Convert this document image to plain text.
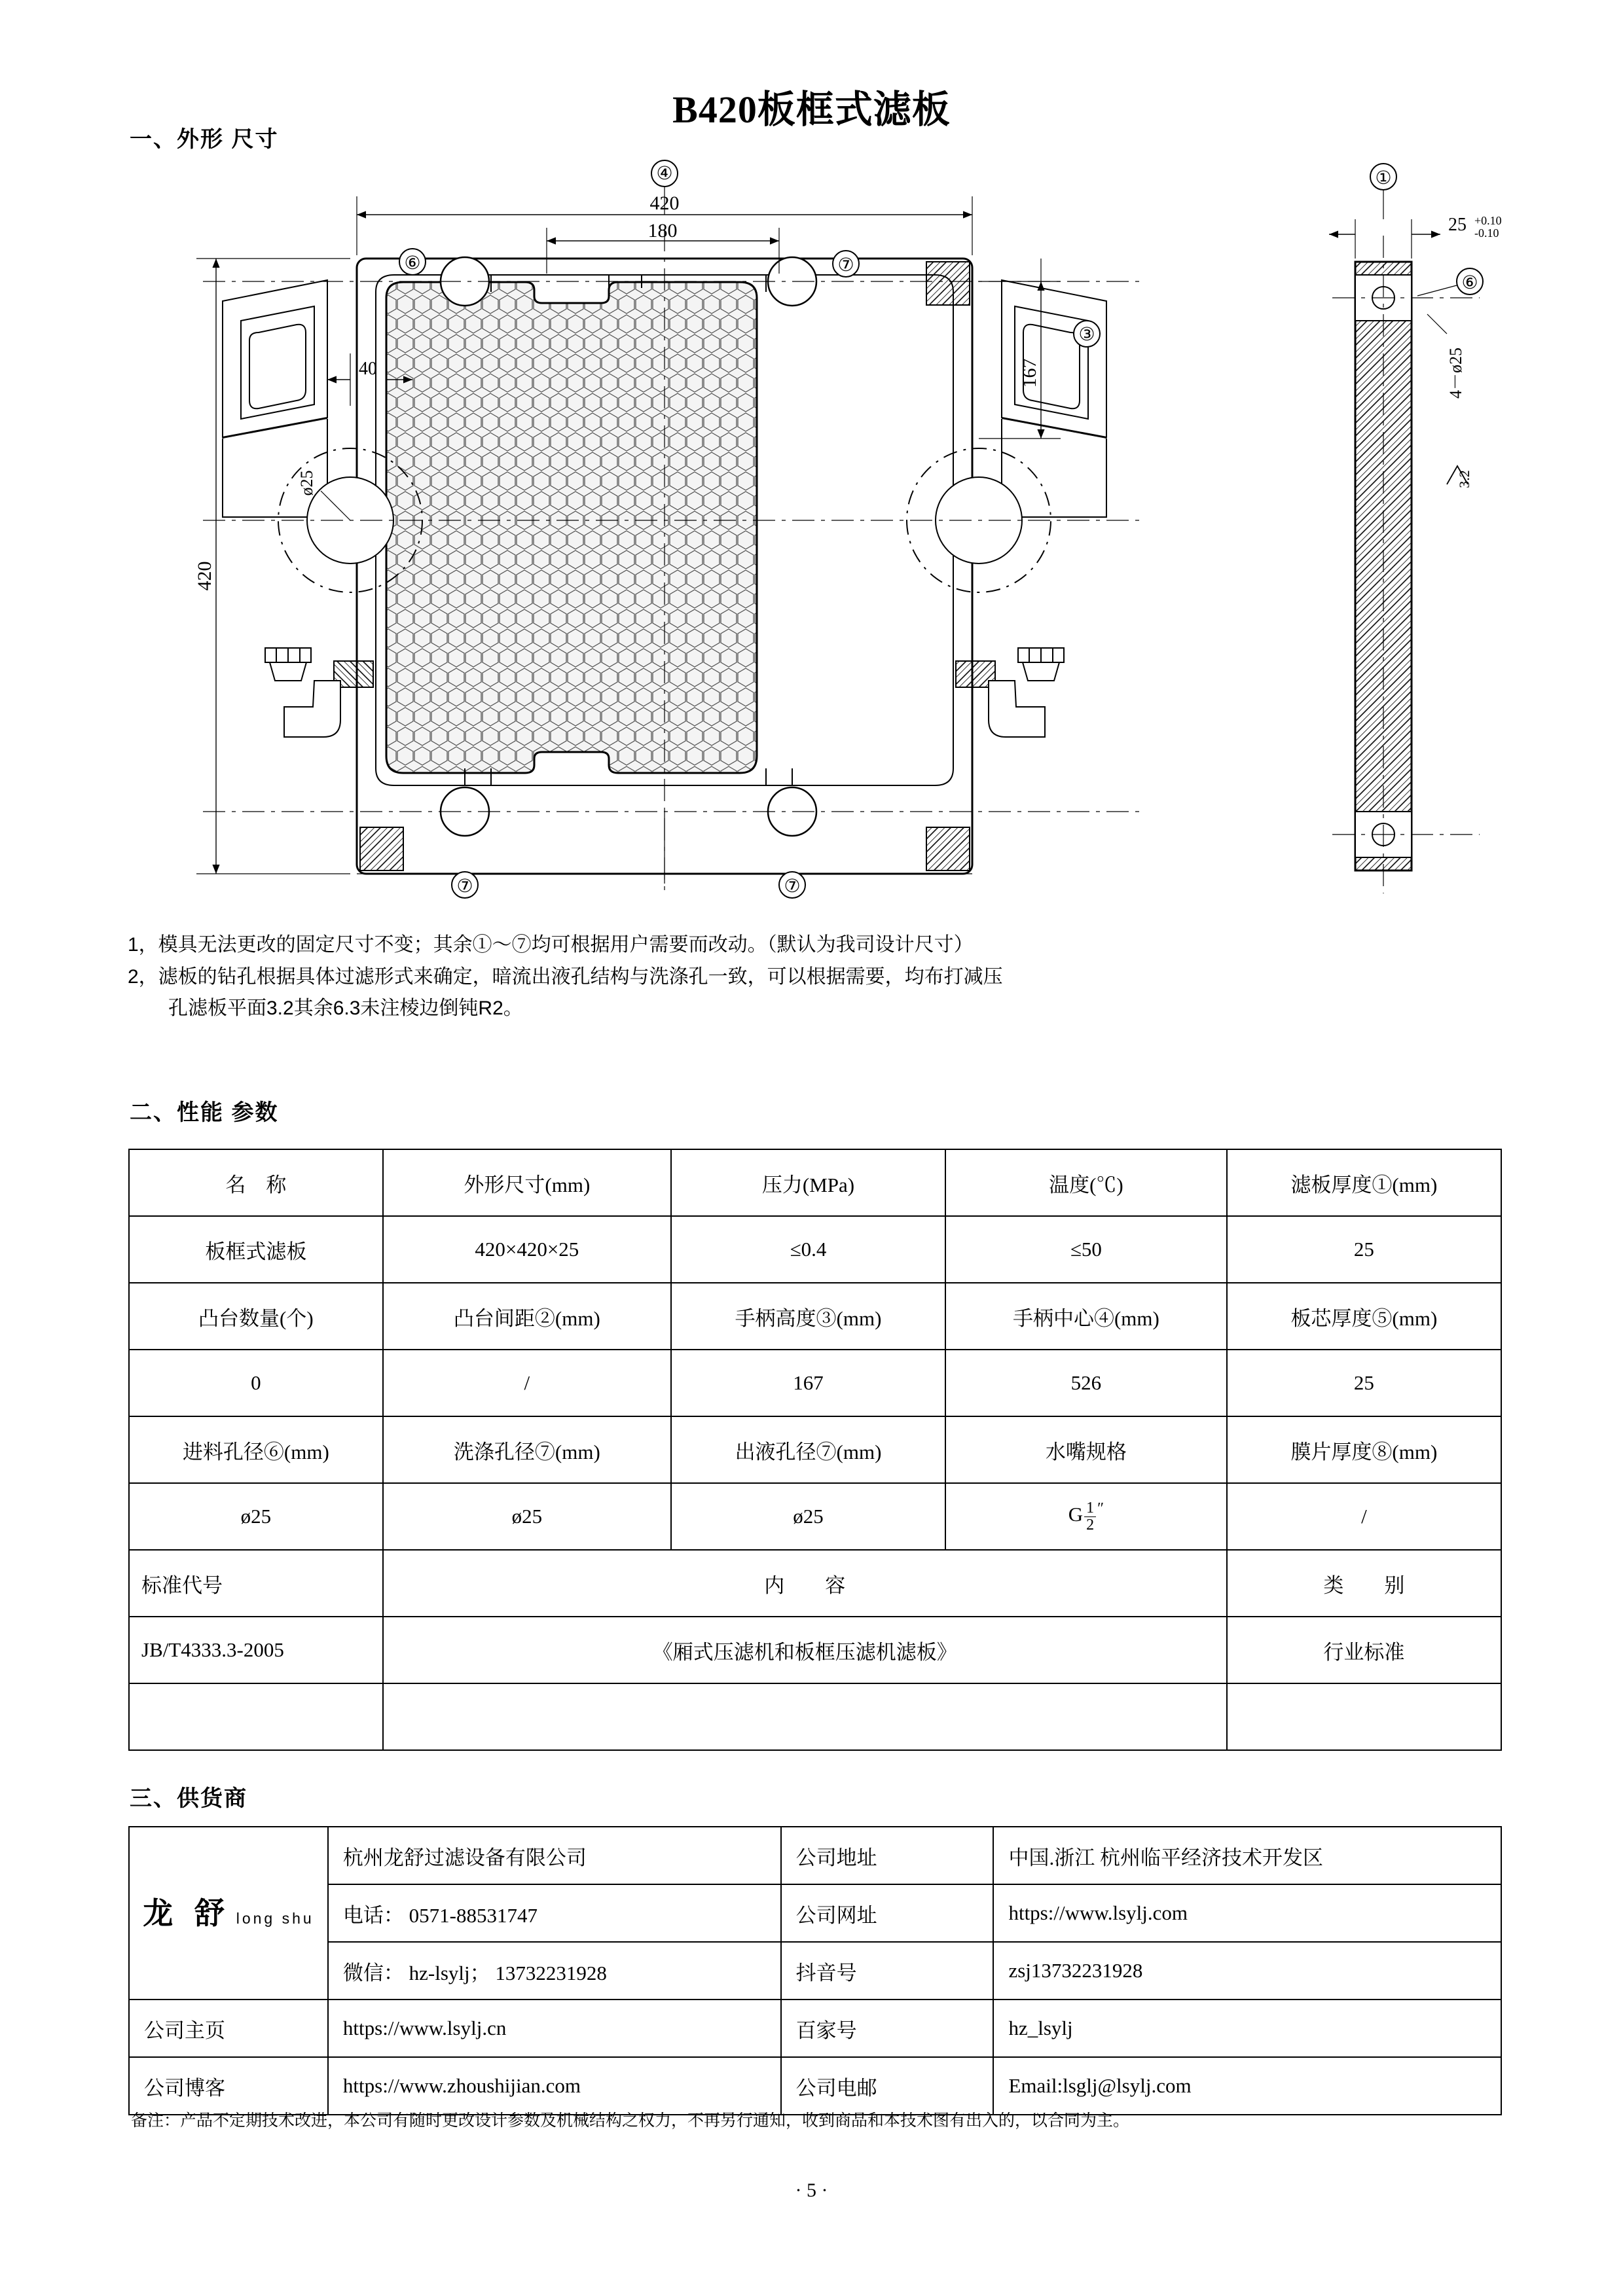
B420板框式滤板
一、外形 尺寸
420
180
④
420
167
③
40
ø25
⑥	⑦
⑦	⑦
①
⑥
25 +0.10
-0.10
4－ø25
3.2
1，模具无法更改的固定尺寸不变；其余①～⑦均可根据用户需要而改动。（默认为我司设计尺寸）
2，滤板的钻孔根据具体过滤形式来确定，暗流出液孔结构与洗涤孔一致，可以根据需要，均布打减压
孔滤板平面3.2其余6.3未注棱边倒钝R2。
二、性能 参数
名　称	外形尺寸(mm)	压力(MPa)	温度(℃)	滤板厚度①(mm)
板框式滤板	420×420×25	≤0.4	≤50	25
凸台数量(个)	凸台间距②(mm)	手柄高度③(mm)	手柄中心④(mm)	板芯厚度⑤(mm)
0	/	167	526	25
进料孔径⑥(mm)	洗涤孔径⑦(mm)	出液孔径⑦(mm)	水嘴规格	膜片厚度⑧(mm)
ø25	ø25	ø25	G $\frac{1}{2} ''$	/
标准代号	内　　容			类　　别
JB/T4333.3-2005	《厢式压滤机和板框压滤机滤板》			行业标准

三、供货商
龙 舒 long shu	杭州龙舒过滤设备有限公司	公司地址	中国.浙江 杭州临平经济技术开发区
	电话： 0571-88531747	公司网址	https://www.lsylj.com
	微信： hz-lsylj； 13732231928	抖音号	zsj13732231928
公司主页	https://www.lsylj.cn	百家号	hz_lsylj
公司博客	https://www.zhoushijian.com	公司电邮	Email:lsglj@lsylj.com
备注：产品不定期技术改进，本公司有随时更改设计参数及机械结构之权力，不再另行通知，收到商品和本技术图有出入的，以合同为主。
· 5 ·
